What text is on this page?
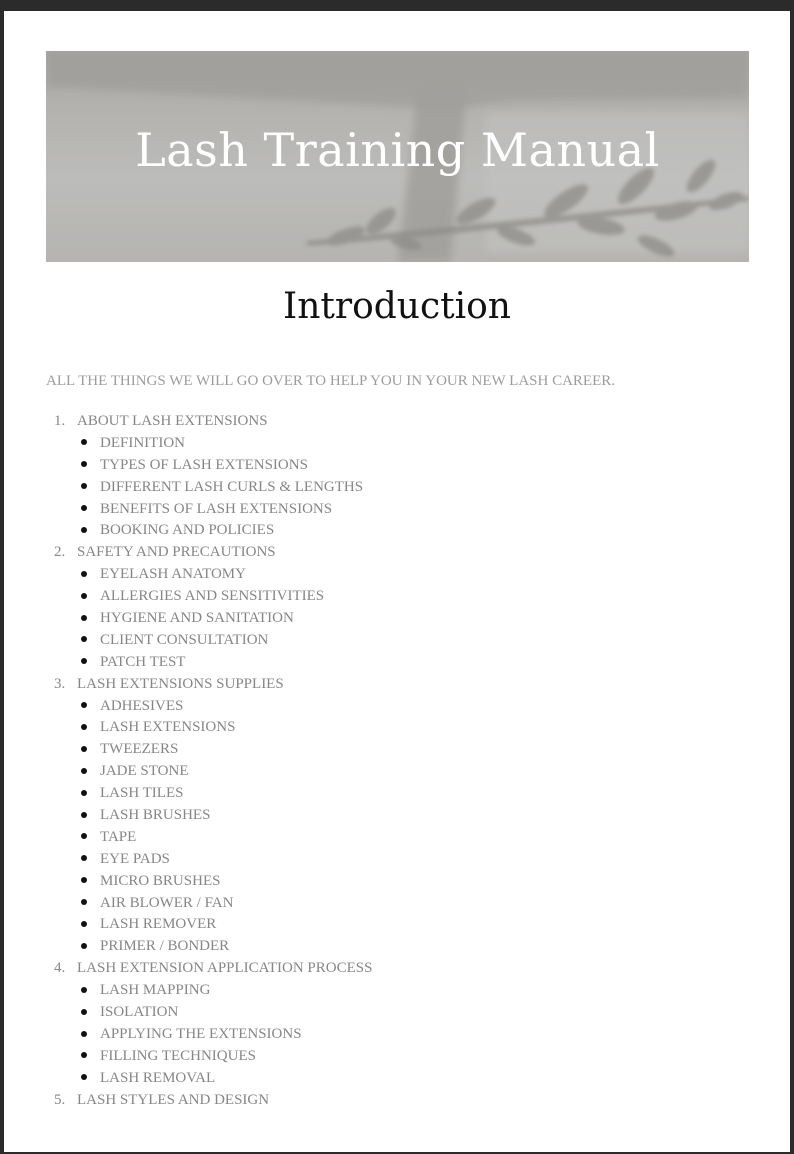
Lash Training Manual
Introduction
ALL THE THINGS WE WILL GO OVER TO HELP YOU IN YOUR NEW LASH CAREER.
1. ABOUT LASH EXTENSIONS
DEFINITION
TYPES OF LASH EXTENSIONS
DIFFERENT LASH CURLS & LENGTHS
BENEFITS OF LASH EXTENSIONS
BOOKING AND POLICIES
2. SAFETY AND PRECAUTIONS
EYELASH ANATOMY
ALLERGIES AND SENSITIVITIES
HYGIENE AND SANITATION
CLIENT CONSULTATION
PATCH TEST
3. LASH EXTENSIONS SUPPLIES
ADHESIVES
LASH EXTENSIONS
TWEEZERS
JADE STONE
LASH TILES
LASH BRUSHES
TAPE
EYE PADS
MICRO BRUSHES
AIR BLOWER / FAN
LASH REMOVER
PRIMER / BONDER
4. LASH EXTENSION APPLICATION PROCESS
LASH MAPPING
ISOLATION
APPLYING THE EXTENSIONS
FILLING TECHNIQUES
LASH REMOVAL
5. LASH STYLES AND DESIGN
